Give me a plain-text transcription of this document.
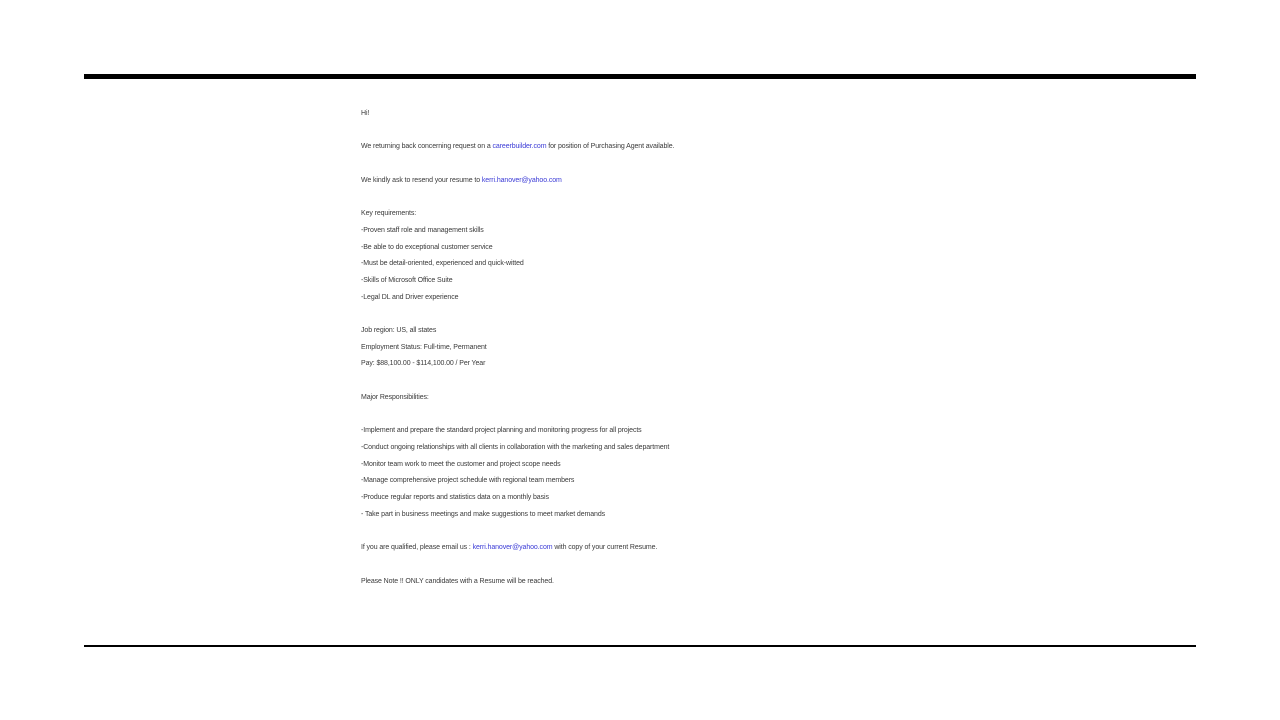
Hi!

We returning back concerning request on a careerbuilder.com for position of Purchasing Agent available.

We kindly ask to resend your resume to kerri.hanover@yahoo.com

Key requirements:

-Proven staff role and management skills

-Be able to do exceptional customer service

-Must be detail-oriented, experienced and quick-witted

-Skills of Microsoft Office Suite

-Legal DL and Driver experience

Job region: US, all states

Employment Status: Full-time, Permanent

Pay: $88,100.00 - $114,100.00 / Per Year

Major Responsibilities:

-Implement and prepare the standard project planning and monitoring progress for all projects

-Conduct ongoing relationships with all clients in collaboration with the marketing and sales department

-Monitor team work to meet the customer and project scope needs

-Manage comprehensive project schedule with regional team members

-Produce regular reports and statistics data on a monthly basis

- Take part in business meetings and make suggestions to meet market demands

If you are qualified, please email us : kerri.hanover@yahoo.com with copy of your current Resume.

Please Note !! ONLY candidates with a Resume will be reached.
